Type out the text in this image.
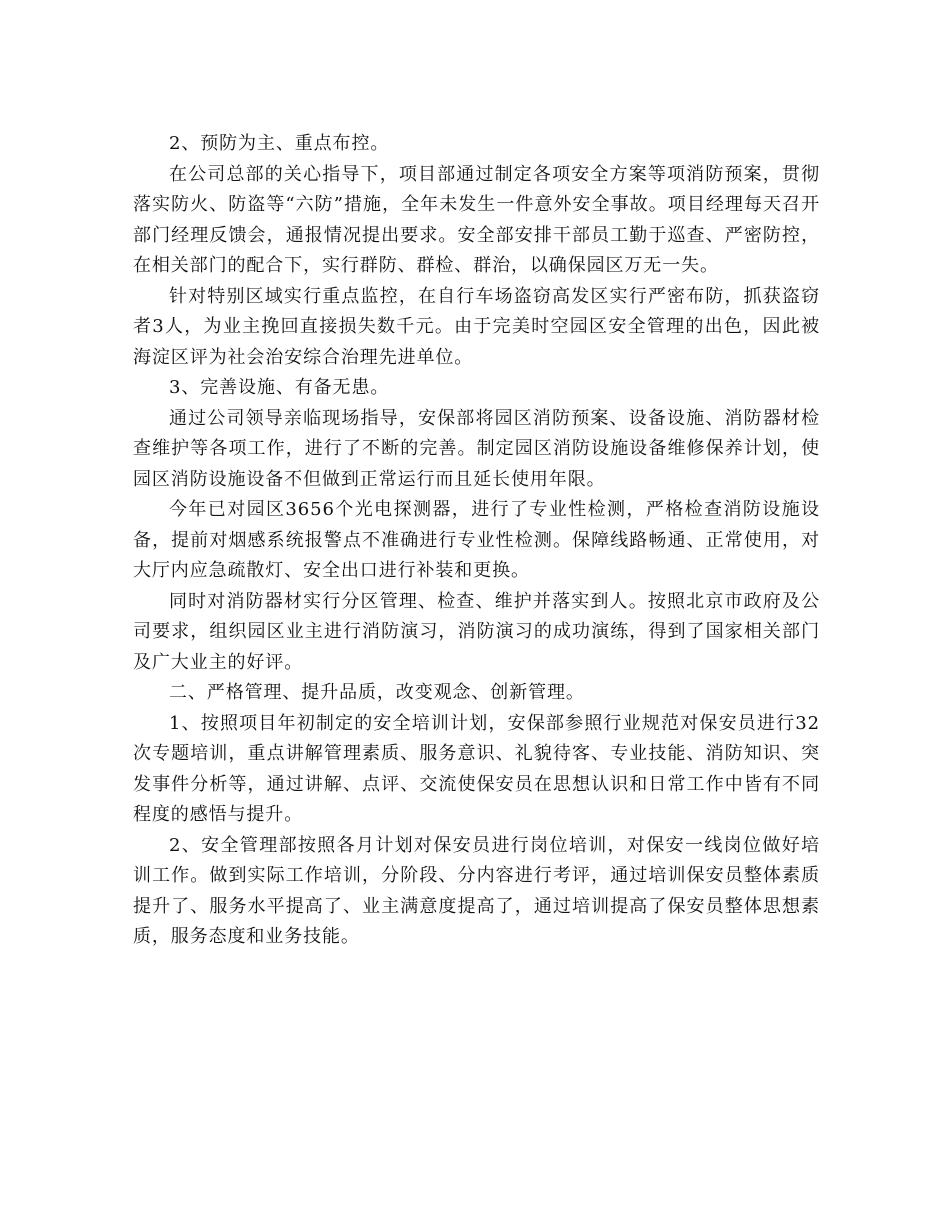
2、预防为主、重点布控。

在公司总部的关心指导下，项目部通过制定各项安全方案等项消防预案，贯彻落实防火、防盗等“六防”措施，全年未发生一件意外安全事故。项目经理每天召开部门经理反馈会，通报情况提出要求。安全部安排干部员工勤于巡查、严密防控，在相关部门的配合下，实行群防、群检、群治，以确保园区万无一失。

针对特别区域实行重点监控，在自行车场盗窃高发区实行严密布防，抓获盗窃者3人，为业主挽回直接损失数千元。由于完美时空园区安全管理的出色，因此被海淀区评为社会治安综合治理先进单位。

3、完善设施、有备无患。

通过公司领导亲临现场指导，安保部将园区消防预案、设备设施、消防器材检查维护等各项工作，进行了不断的完善。制定园区消防设施设备维修保养计划，使园区消防设施设备不但做到正常运行而且延长使用年限。

今年已对园区3656个光电探测器，进行了专业性检测，严格检查消防设施设备，提前对烟感系统报警点不准确进行专业性检测。保障线路畅通、正常使用，对大厅内应急疏散灯、安全出口进行补装和更换。

同时对消防器材实行分区管理、检查、维护并落实到人。按照北京市政府及公司要求，组织园区业主进行消防演习，消防演习的成功演练，得到了国家相关部门及广大业主的好评。

二、严格管理、提升品质，改变观念、创新管理。

1、按照项目年初制定的安全培训计划，安保部参照行业规范对保安员进行32次专题培训，重点讲解管理素质、服务意识、礼貌待客、专业技能、消防知识、突发事件分析等，通过讲解、点评、交流使保安员在思想认识和日常工作中皆有不同程度的感悟与提升。

2、安全管理部按照各月计划对保安员进行岗位培训，对保安一线岗位做好培训工作。做到实际工作培训，分阶段、分内容进行考评，通过培训保安员整体素质提升了、服务水平提高了、业主满意度提高了，通过培训提高了保安员整体思想素质，服务态度和业务技能。
